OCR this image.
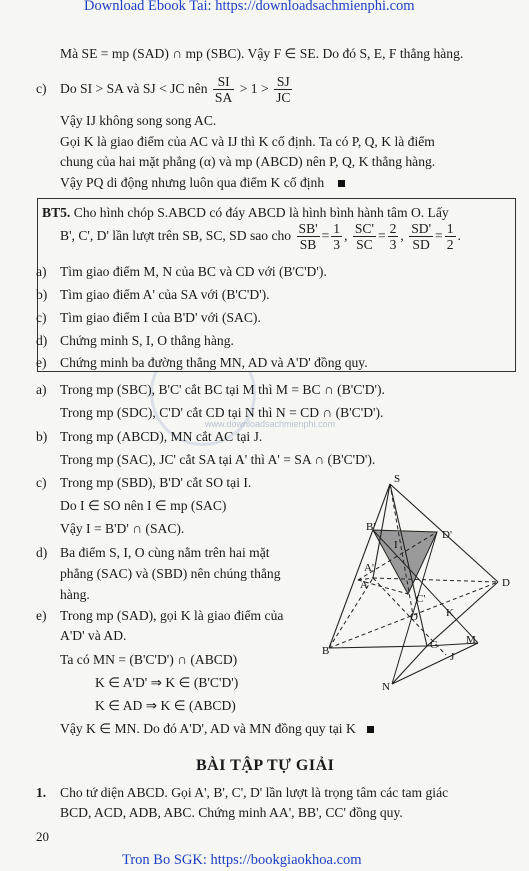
Download Ebook Tai: https://downloadsachmienphi.com
www.downloadsachmienphi.com
Mà SE = mp (SAD) ∩ mp (SBC). Vậy F ∈ SE. Do đó S, E, F thẳng hàng.
c) Do SI > SA và SJ < JC nên $\frac{SI}{SA} > 1 > \frac{SJ}{JC}$
Vậy IJ không song song AC.
Gọi K là giao điểm của AC và IJ thì K cố định. Ta có P, Q, K là điểm
chung của hai mặt phẳng (α) và mp (ABCD) nên P, Q, K thẳng hàng.
Vậy PQ di động nhưng luôn qua điểm K cố định
BT5. Cho hình chóp S.ABCD có đáy ABCD là hình bình hành tâm O. Lấy
B', C', D' lần lượt trên SB, SC, SD sao cho $\frac{SB'}{SB} = \frac{1}{3}$ , $\frac{SC'}{SC} = \frac{2}{3}$ , $\frac{SD'}{SD} = \frac{1}{2}$ .
a) Tìm giao điểm M, N của BC và CD với (B'C'D').
b) Tìm giao điểm A' của SA với (B'C'D').
c) Tìm giao điểm I của B'D' với (SAC).
d) Chứng minh S, I, O thẳng hàng.
e) Chứng minh ba đường thẳng MN, AD và A'D' đồng quy.
a) Trong mp (SBC), B'C' cắt BC tại M thì M = BC ∩ (B'C'D').
Trong mp (SDC), C'D' cắt CD tại N thì N = CD ∩ (B'C'D').
b) Trong mp (ABCD), MN cắt AC tại J.
Trong mp (SAC), JC' cắt SA tại A' thì A' = SA ∩ (B'C'D').
c) Trong mp (SBD), B'D' cắt SO tại I.
Do I ∈ SO nên I ∈ mp (SAC)
Vậy I = B'D' ∩ (SAC).
d) Ba điểm S, I, O cùng nằm trên hai mặt
phẳng (SAC) và (SBD) nên chúng thẳng
hàng.
e) Trong mp (SAD), gọi K là giao điểm của
A'D' và AD.
Ta có MN = (B'C'D') ∩ (ABCD)
K ∈ A'D' ⇒ K ∈ (B'C'D')
K ∈ AD ⇒ K ∈ (ABCD)
Vậy K ∈ MN. Do đó A'D', AD và MN đồng quy tại K
S
B'
I
D'
A'
A
C'
D
O	K
M
C
J
B
N
BÀI TẬP TỰ GIẢI
1. Cho tứ diện ABCD. Gọi A', B', C', D' lần lượt là trọng tâm các tam giác
BCD, ACD, ADB, ABC. Chứng minh AA', BB', CC' đồng quy.
20
Tron Bo SGK: https://bookgiaokhoa.com
